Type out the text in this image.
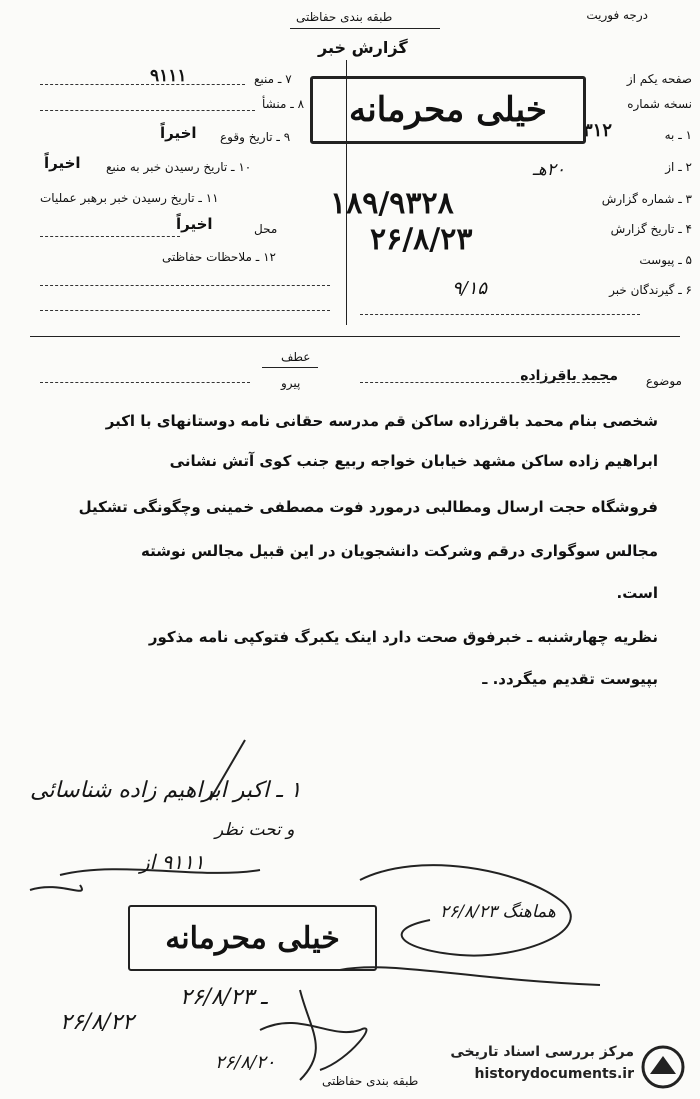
درجه فوریت
طبقه بندی حفاظتی
گزارش خبر
صفحه یکم از
نسخه شماره
۱ ـ به
۳۱۲
۲ ـ از
۲۰هـ
۳ ـ شماره گزارش
۱۸۹/۹۳۲۸
۴ ـ تاریخ گزارش
۲۶/۸/۲۳
۵ ـ پیوست
۶ ـ گیرندگان خبر
۹/۱۵
خیلی محرمانه
۷ ـ منبع
۹۱۱۱
۸ ـ منشأ
۹ ـ تاریخ وقوع
اخیراً
۱۰ ـ تاریخ رسیدن خبر به منبع
اخیراً
۱۱ ـ تاریخ رسیدن خبر برهبر عملیات
محل
اخیراً
۱۲ ـ ملاحظات حفاظتی
عطف
پیرو	موضوع
محمد باقرزاده
شخصی بنام محمد باقرزاده ساکن قم مدرسه حقانی نامه دوستانهای با اکبر
ابراهیم زاده ساکن مشهد خیابان خواجه ربیع جنب کوی آتش نشانی
فروشگاه حجت ارسال ومطالبی درمورد فوت مصطفی خمینی وچگونگی تشکیل
مجالس سوگواری درقم وشرکت دانشجویان در این قبیل مجالس نوشته
است.
نظریه چهارشنبه ـ خبرفوق صحت دارد اینک یکبرگ فتوکپی نامه مذکور
بپیوست تقدیم میگردد. ـ
۱ ـ اکبر ابراهیم زاده شناسائی
و تحت نظر
۹۱۱۱ از
ـ ۲۶/۸/۲۳
۲۶/۸/۲۲
۲۶/۸/۲۰
هماهنگ ۲۶/۸/۲۳
خیلی محرمانه
طبقه بندی حفاظتی
مرکز بررسی اسناد تاریخی
historydocuments.ir
